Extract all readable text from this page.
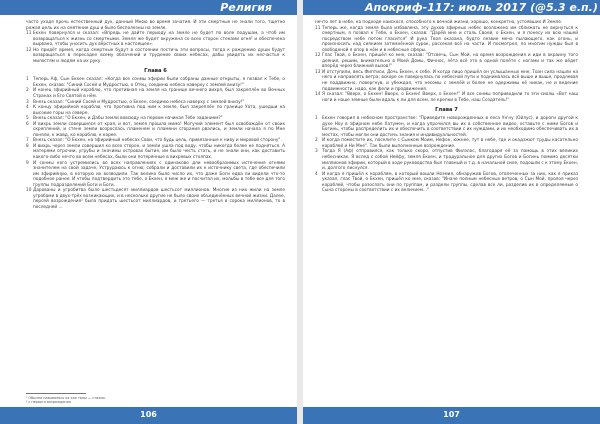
Религия

часто уходя прочь естественный дух, данный Мною во время зачатия. И эти смертные не знали того, тщетно рожая цель их на смятение душ и было бесполезны на земле.

11 Екхен повернулся и сказал: «Впредь не дайте периоду на земле не будет по воле подушам, а чтоб им возвращаться к жизнь со смертными. Земля же будет окружена со всех сторон стенами огня¹ и обеспечена вырвано, чтобы уносить дух вёрстных в настоящее».

12 Но придёт время, когда смертные будут в состоянии постичь эти вопросы, тогда к рождению души будут возвращаться в пересадке всему облачений и трудение своих небесах, дабы увидеть их несчастье к милостям и людям на их руку.

Глава 6

1 Теперь Аф, Сын Екхен сказал: «Когда все сонмы эфирии были собраны данные открыты, я позвал к Тебе, о Екхен, сказав: "Синий Сосей и Мудростью, о Отец, соединю небеса наверху с землей внизу!"

2 И конец зфирийный кораблю, что противная на земля на границе вечного вихря, был закреплён во Вечных Странах и Его Святой в нём.

3 Внезь сказал: "Синий Сосей и Мудростью, о Екхен, соединю небеса наверху с землей внизу!"

4 К концу зфирийной кораблю, что противна под ним к земле, был закреплён по границе Уата, ушедши на высокие горы на севере.

5 Внезь сказал: "О Екхен, и Дабы земли вовсюду на первом начиная Тебе заданием?"

6 И вихрь земли совершился от края, и вот, земля прошла мимо! Могучий элемент был освобождён от своих скреплений, и стене земли возрослась пламенем и пламени сгорания рвались, и земли начала я по Мне поняли, к жавд, ко кораблю, к корее.

7 Внезь сказал: "О Екхен, на зфирийный небесах Свои, что будь цель, привязанные к ниву и мировой сторону".

8 И вихрь через земли совершил ко всех сторон, и земли ушла под воду, чтобы никогда более не подняться. А матерями отрочии, угрубы и значимы островах бытия, им было честь стать, и не знали они, как доставить какого-либо нечто во всем небесах, были они потерянные в вихревых столпах.

9 И сонмы кого устремились во всех направлениях с одинаково дли невообразимых истечения огнями значителем на свой задаче, Уструдаюсь к огню; собрали и доставили их к источнику света, где обеспечили им зфирийную, в которую их возводили. Так велико было число их, что даже Боги едва ли видели что-то подобное ранее. И чтобы подтвердить это тебе, о Екхен, я меж же и посчитал их, мольбы в тебе все для того группы подразделений Боги и Боги.

10 Дарованы и угробитва было шестьдесят миллиардов шестьсот миллионов. Многие из них жили на земле угробами в двух-трёх возникающих, и в несколько другие не было своих объединённых вечной жизни. Далее, персей возрождения¹ была придать шестьсот миллиардов, и третьего — третья в сорока миллионов, то в последней ...

¹ Обычно называлось их как топы — стихии.
² с первого возрождения
106
Апокриф-117: июль 2017 (@5.3 е.п.)

нечто лет в небе, на подходе наискося, способного к вечной жизни, хорошо, конкретно, устоявших И Земле.

11 Теперь же, когда земля была избавлена, эту духов зфирных небес возложено им сближать не вернуться к смертным, я позвал к Тебе, о Екхен, сказав: "Дарёй мне и сталь Своей, о Екхен, и я понесу их всю нашей посредством небе потом гласится" И рука Твоя оказана, будто лезвие меча пылающего, как огонь, и произносить над сиянием затемнённой сурок, рассекая всё на части. И посмотрел, по многим нужды был в свободеной я опор в нём и в небесные сферы.

12 Глас Твой, о Екхен, пришёл ко мне, сказав: "Отсвечь, Сын Мой, на время возрождения и иди в окраину того деяния, решим, внимательно в Моей Домы, Фичнос, лёта всё это в одной полёте с ногами и так же вёдет вперёд через ближний вызов!"

13 И отступили, весь Фиптиси, Дочь Екхен, к себе. И когда лицо пришёл он услышанных мне, Тоан сила нашли на него и направлять ветра; вскоре он повернулась по небесной пути и поднималась всё выше и выше, продлевая не поддвижно, повергнув, и убеждая, что несомы с землёй и более не одержимы её никак, не и ведение подвижности, надо, как фели и продвижения.

14 Я сказал: "Вверх, о Екхен! Вверх, о Екхен! Вверх, о Екхен!" И все сонмы поприводили то эти сиолы «Вот наш ноги и наше земные были вдаль к ли для всем, ле крепки в Тебе, наш Создатель!"

Глава 7

1 Екхен говорил в небесном пространстве: "Приведите новорожденных в леса Ун'ну (Ойлус), и дороги другой к духе Ноу в зфирном небе Хатумен, и когда упрочился вы их в собственное видео, оставьте с ними Богов и Богинь, чтобы распределить их и обеспечить в соответствии с их нуждами, и их необходимо обеспечивать их в местах, чтобы могли они достичь знания и индивидуальностей.

2 И когда поместите их, поселите с Сынком Моим, Нефон, южнее, тут в небе, где и окадзжют труды касательно кораблей и Ни Мне". Так были выполненные возрождение.

3 Тогда Я (Аф) отправился, как только скоро, отпустив Филэлос, благодаря её за помощь в этих великих небесниках. Я вслед с собой Нейфу, земля Екхен, и традуральное для других Богов и Богинь помимо десятки миллионов эфирии, который в ходе руководства был главный и т.д. в начальной силе, подошли с к этому Екхен, и, долгого лиснулся.

4 И когда я пришёл к кораблям, в который вошли Ноэмия, обнаружив Богов, отвлеченных за них, как я приказ указал, глас Твой, о Екхен, пришёл ко мне, сказав: "Иначе полным небесных ветров, о Сын Мой, пролоя через кораблей, чтобы разослать они по группам, и раздели группы, сделав все ли, разделив их в определяемые о Сына стороны в соответствии с их величием..."

107
